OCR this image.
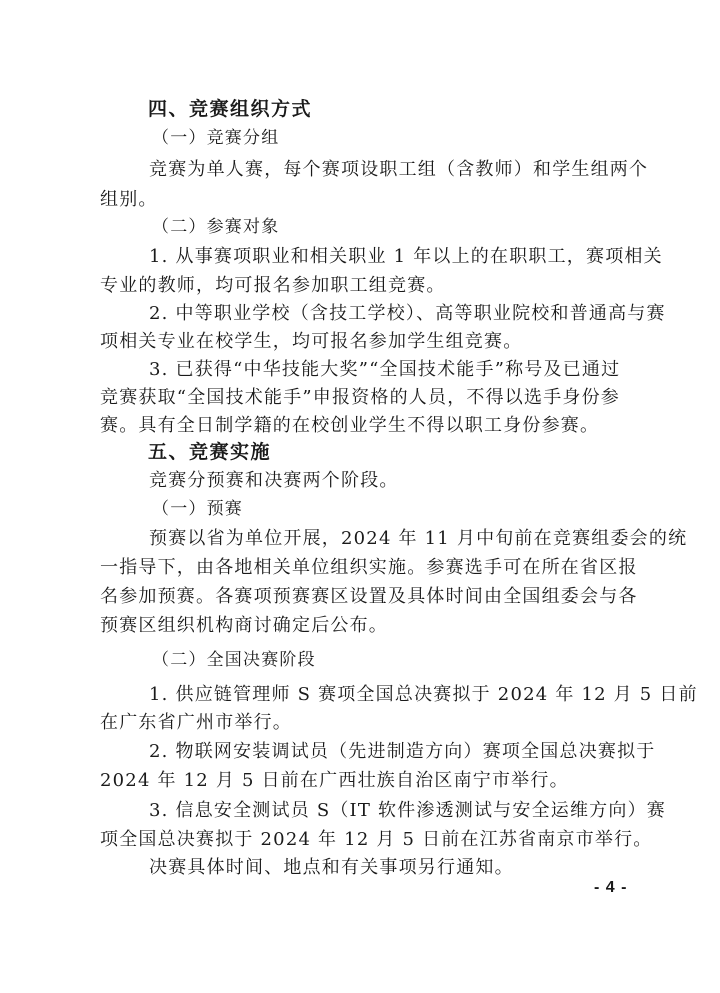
四、竞赛组织方式
（一）竞赛分组
竞赛为单人赛，每个赛项设职工组（含教师）和学生组两个
组别。
（二）参赛对象
1. 从事赛项职业和相关职业 1 年以上的在职职工，赛项相关
专业的教师，均可报名参加职工组竞赛。
2. 中等职业学校（含技工学校）、高等职业院校和普通高与赛
项相关专业在校学生，均可报名参加学生组竞赛。
3. 已获得“中华技能大奖”“全国技术能手”称号及已通过
竞赛获取“全国技术能手”申报资格的人员，不得以选手身份参
赛。具有全日制学籍的在校创业学生不得以职工身份参赛。
五、竞赛实施
竞赛分预赛和决赛两个阶段。
（一）预赛
预赛以省为单位开展，2024 年 11 月中旬前在竞赛组委会的统
一指导下，由各地相关单位组织实施。参赛选手可在所在省区报
名参加预赛。各赛项预赛赛区设置及具体时间由全国组委会与各
预赛区组织机构商讨确定后公布。
（二）全国决赛阶段
1. 供应链管理师 S 赛项全国总决赛拟于 2024 年 12 月 5 日前
在广东省广州市举行。
2. 物联网安装调试员（先进制造方向）赛项全国总决赛拟于
2024 年 12 月 5 日前在广西壮族自治区南宁市举行。
3. 信息安全测试员 S（IT 软件渗透测试与安全运维方向）赛
项全国总决赛拟于 2024 年 12 月 5 日前在江苏省南京市举行。
决赛具体时间、地点和有关事项另行通知。
- 4 -
